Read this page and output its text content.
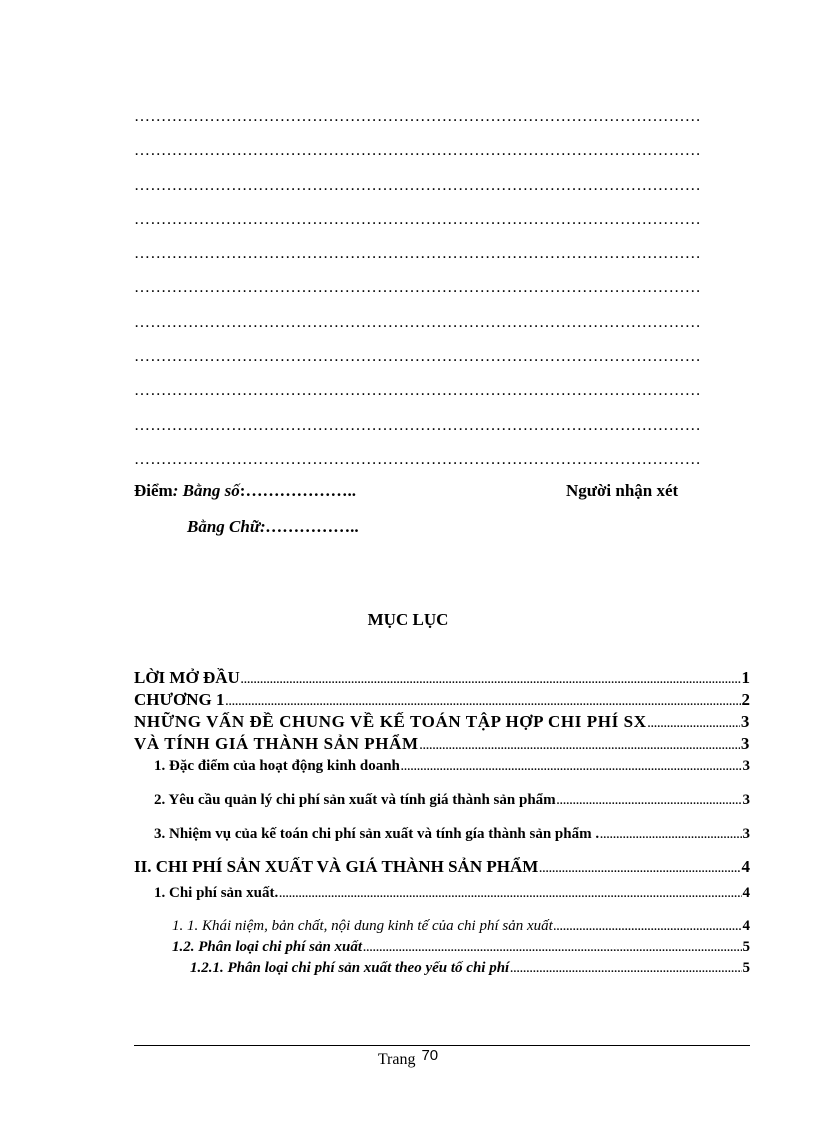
……………………………………………………………………………………………
……………………………………………………………………………………………
……………………………………………………………………………………………
……………………………………………………………………………………………
……………………………………………………………………………………………
……………………………………………………………………………………………
……………………………………………………………………………………………
……………………………………………………………………………………………
……………………………………………………………………………………………
……………………………………………………………………………………………
……………………………………………………………………………………………
Điểm: Bằng số:………………..	Người nhận xét
Bằng Chữ:……………..
MỤC LỤC
LỜI MỞ ĐẦU .....	1
CHƯƠNG 1 .....	2
NHỮNG VẤN ĐỀ CHUNG VỀ KẾ TOÁN TẬP HỢP CHI PHÍ SX .....	3
VÀ TÍNH GIÁ THÀNH SẢN PHẨM .....	3
1. Đặc điểm của hoạt động kinh doanh .....	3
2. Yêu cầu quản lý chi phí sản xuất và tính giá thành sản phẩm .....	3
3. Nhiệm vụ của kế toán chi phí sản xuất và tính gía thành sản phẩm . .....	3
II. CHI PHÍ SẢN XUẤT VÀ GIÁ THÀNH SẢN PHẨM .....	4
1. Chi phí sản xuất. .....	4
1. 1. Khái niệm, bản chất, nội dung kinh tế của chi phí sản xuất .....	4
1.2. Phân loại chi phí sản xuất .....	5
1.2.1. Phân loại chi phí sản xuất theo yếu tố chi phí .....	5
Trang 70
